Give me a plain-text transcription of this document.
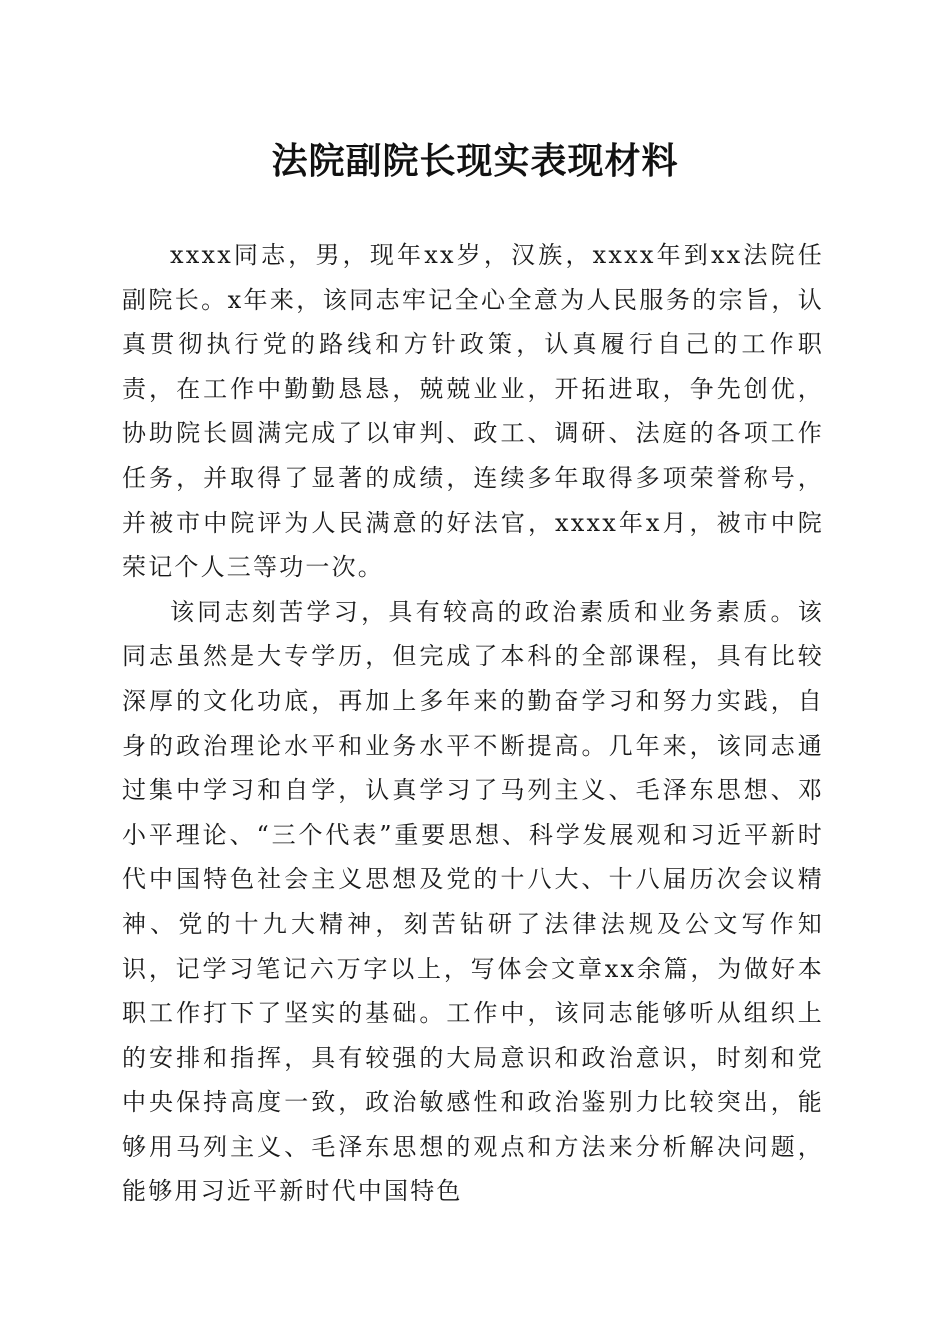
法院副院长现实表现材料

xxxx同志，男，现年xx岁，汉族，xxxx年到xx法院任副院长。x年来，该同志牢记全心全意为人民服务的宗旨，认真贯彻执行党的路线和方针政策，认真履行自己的工作职责，在工作中勤勤恳恳，兢兢业业，开拓进取，争先创优，协助院长圆满完成了以审判、政工、调研、法庭的各项工作任务，并取得了显著的成绩，连续多年取得多项荣誉称号，并被市中院评为人民满意的好法官，xxxx年x月，被市中院荣记个人三等功一次。

该同志刻苦学习，具有较高的政治素质和业务素质。该同志虽然是大专学历，但完成了本科的全部课程，具有比较深厚的文化功底，再加上多年来的勤奋学习和努力实践，自身的政治理论水平和业务水平不断提高。几年来，该同志通过集中学习和自学，认真学习了马列主义、毛泽东思想、邓小平理论、“三个代表”重要思想、科学发展观和习近平新时代中国特色社会主义思想及党的十八大、十八届历次会议精神、党的十九大精神，刻苦钻研了法律法规及公文写作知识，记学习笔记六万字以上，写体会文章xx余篇，为做好本职工作打下了坚实的基础。工作中，该同志能够听从组织上的安排和指挥，具有较强的大局意识和政治意识，时刻和党中央保持高度一致，政治敏感性和政治鉴别力比较突出，能够用马列主义、毛泽东思想的观点和方法来分析解决问题，能够用习近平新时代中国特色
